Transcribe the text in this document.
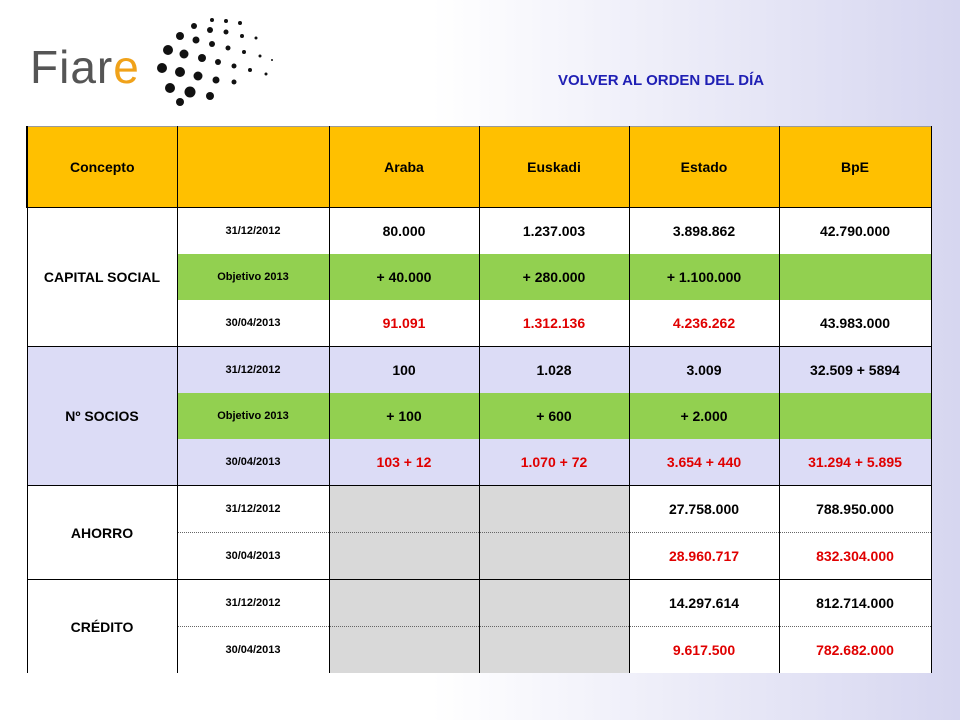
Fiare	VOLVER AL ORDEN DEL DÍA
Concepto		Araba	Euskadi	Estado	BpE
CAPITAL SOCIAL	31/12/2012	80.000	1.237.003	3.898.862	42.790.000
	Objetivo 2013	+ 40.000	+ 280.000	+ 1.100.000	
	30/04/2013	91.091	1.312.136	4.236.262	43.983.000
Nº SOCIOS	31/12/2012	100	1.028	3.009	32.509 + 5894
	Objetivo 2013	+ 100	+ 600	+ 2.000	
	30/04/2013	103 + 12	1.070 + 72	3.654 + 440	31.294 + 5.895
AHORRO	31/12/2012			27.758.000	788.950.000
	30/04/2013			28.960.717	832.304.000
CRÉDITO	31/12/2012			14.297.614	812.714.000
	30/04/2013			9.617.500	782.682.000
